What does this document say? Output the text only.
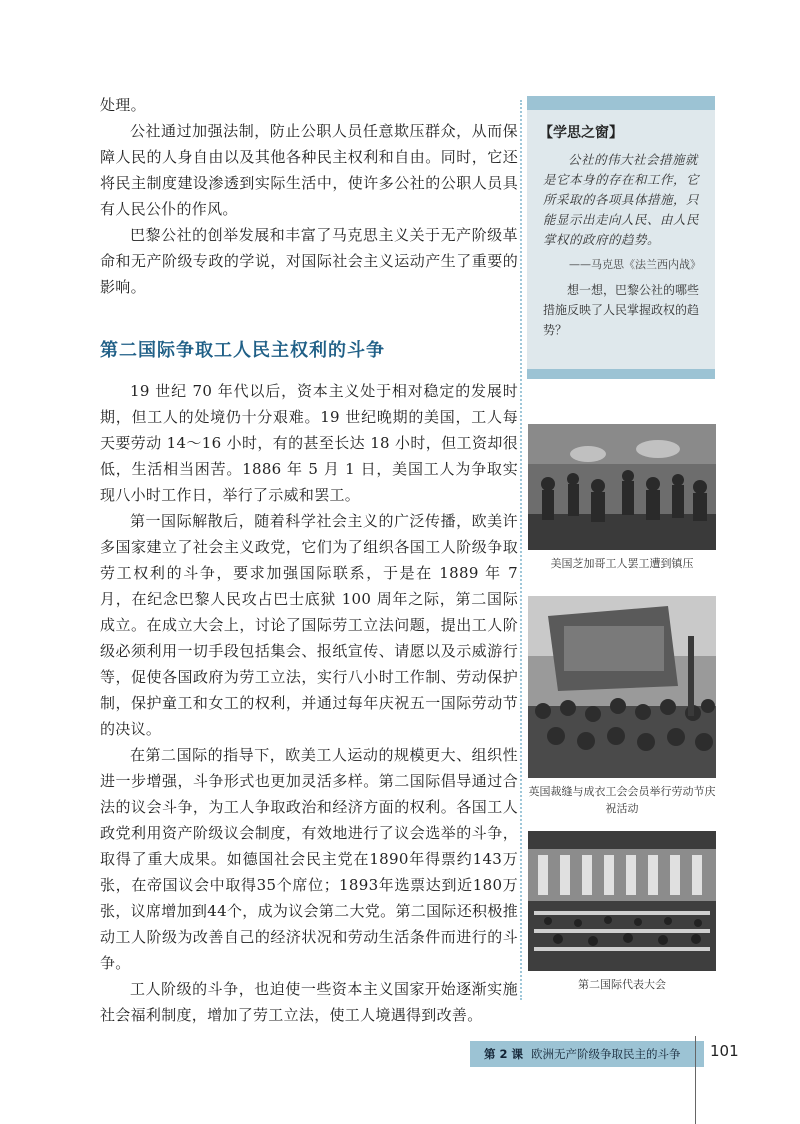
处理。

公社通过加强法制，防止公职人员任意欺压群众，从而保障人民的人身自由以及其他各种民主权利和自由。同时，它还将民主制度建设渗透到实际生活中，使许多公社的公职人员具有人民公仆的作风。

巴黎公社的创举发展和丰富了马克思主义关于无产阶级革命和无产阶级专政的学说，对国际社会主义运动产生了重要的影响。

第二国际争取工人民主权利的斗争

19 世纪 70 年代以后，资本主义处于相对稳定的发展时期，但工人的处境仍十分艰难。19 世纪晚期的美国，工人每天要劳动 14～16 小时，有的甚至长达 18 小时，但工资却很低，生活相当困苦。1886 年 5 月 1 日，美国工人为争取实现八小时工作日，举行了示威和罢工。

第一国际解散后，随着科学社会主义的广泛传播，欧美许多国家建立了社会主义政党，它们为了组织各国工人阶级争取劳工权利的斗争，要求加强国际联系，于是在 1889 年 7 月，在纪念巴黎人民攻占巴士底狱 100 周年之际，第二国际成立。在成立大会上，讨论了国际劳工立法问题，提出工人阶级必须利用一切手段包括集会、报纸宣传、请愿以及示威游行等，促使各国政府为劳工立法，实行八小时工作制、劳动保护制，保护童工和女工的权利，并通过每年庆祝五一国际劳动节的决议。

在第二国际的指导下，欧美工人运动的规模更大、组织性进一步增强，斗争形式也更加灵活多样。第二国际倡导通过合法的议会斗争，为工人争取政治和经济方面的权利。各国工人政党利用资产阶级议会制度，有效地进行了议会选举的斗争，取得了重大成果。如德国社会民主党在1890年得票约143万张，在帝国议会中取得35个席位；1893年选票达到近180万张，议席增加到44个，成为议会第二大党。第二国际还积极推动工人阶级为改善自己的经济状况和劳动生活条件而进行的斗争。

工人阶级的斗争，也迫使一些资本主义国家开始逐渐实施社会福利制度，增加了劳工立法，使工人境遇得到改善。

【学思之窗】
公社的伟大社会措施就是它本身的存在和工作，它所采取的各项具体措施，只能显示出走向人民、由人民掌权的政府的趋势。
——马克思《法兰西内战》
想一想，巴黎公社的哪些措施反映了人民掌握政权的趋势？
美国芝加哥工人罢工遭到镇压
英国裁缝与成衣工会会员举行劳动节庆祝活动
第二国际代表大会
第 2 课 欧洲无产阶级争取民主的斗争 101
